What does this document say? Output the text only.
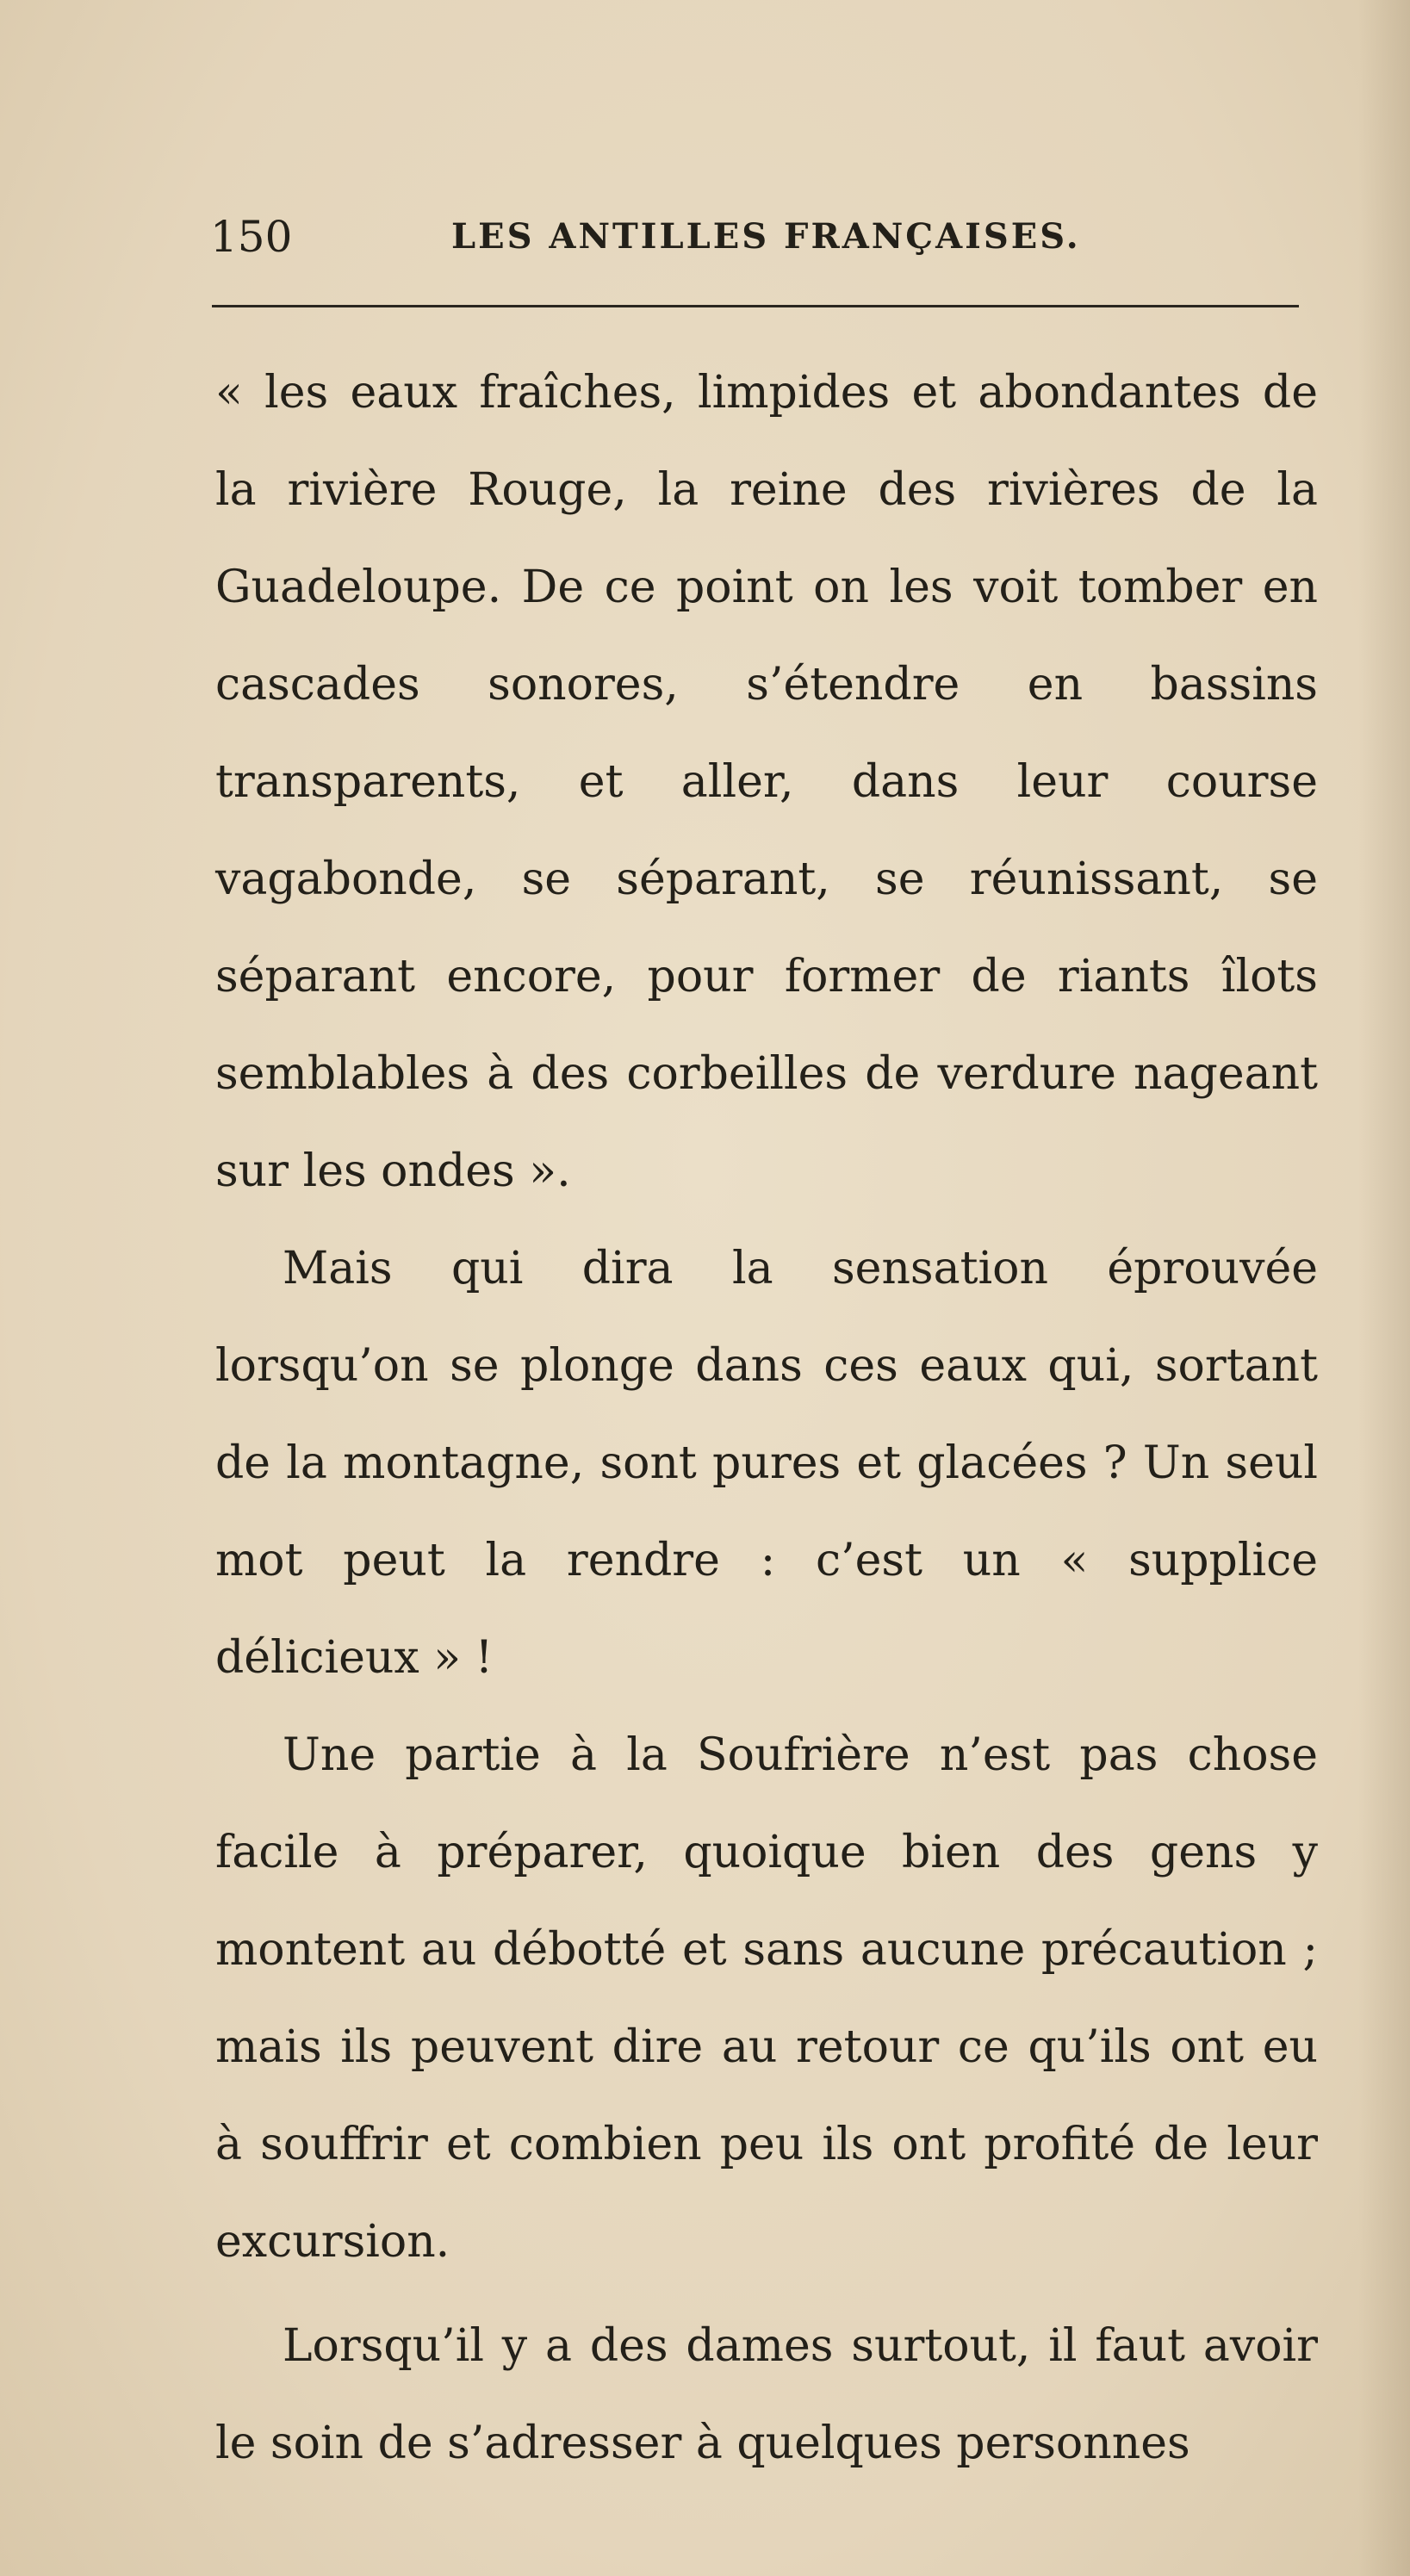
150	LES ANTILLES FRANÇAISES.

« les eaux fraîches, limpides et abondantes de la rivière Rouge, la reine des rivières de la Guadeloupe. De ce point on les voit tomber en cascades sonores, s’étendre en bassins transparents, et aller, dans leur course vagabonde, se séparant, se réunissant, se séparant encore, pour former de riants îlots semblables à des corbeilles de verdure nageant sur les ondes ».

Mais qui dira la sensation éprouvée lorsqu’on se plonge dans ces eaux qui, sortant de la montagne, sont pures et glacées ? Un seul mot peut la rendre : c’est un « supplice délicieux » !

Une partie à la Soufrière n’est pas chose facile à préparer, quoique bien des gens y montent au débotté et sans aucune précaution ; mais ils peuvent dire au retour ce qu’ils ont eu à souffrir et combien peu ils ont profité de leur excursion.

Lorsqu’il y a des dames surtout, il faut avoir le soin de s’adresser à quelques personnes
